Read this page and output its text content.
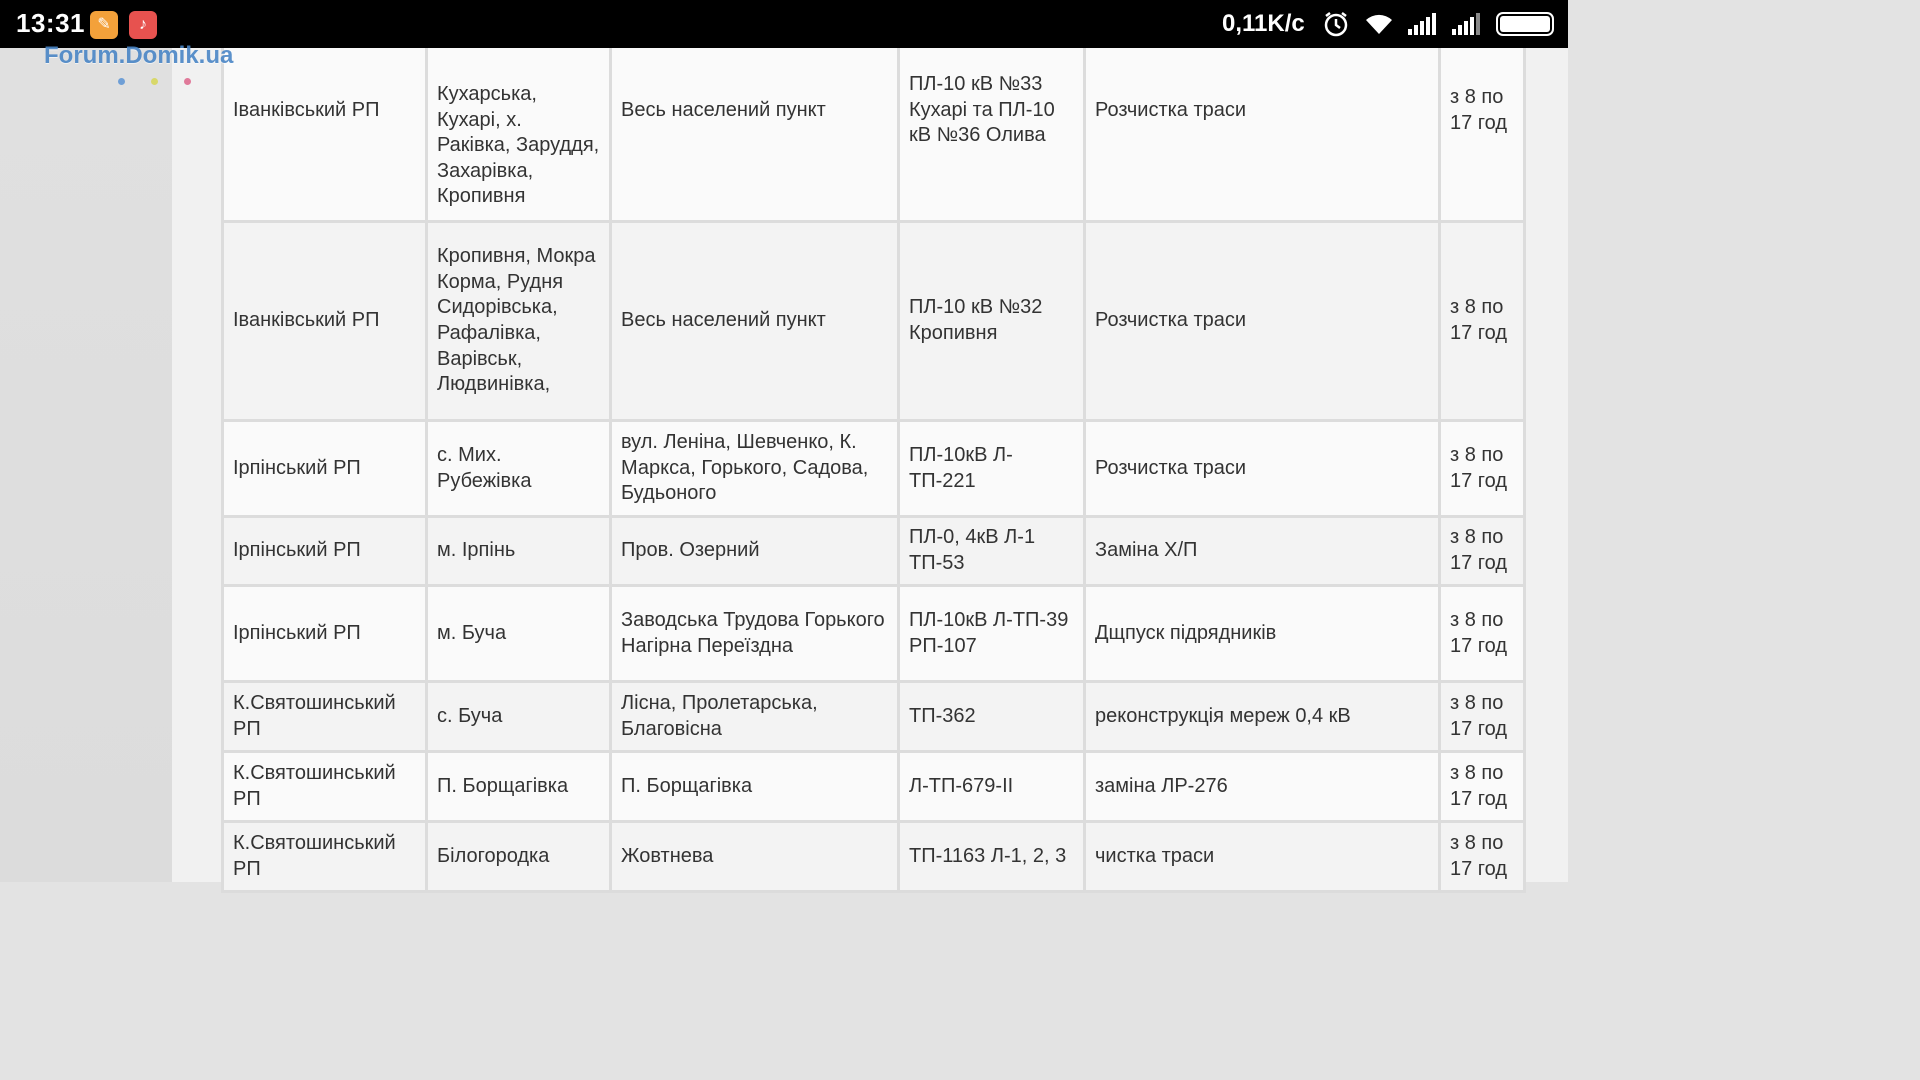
13:31 ✎	♪	0,11K/c
Forum.Domik.ua
Іванківський РП	Кухарська, Кухарі, х. Ракiвка, Заруддя, Захарівка, Кропивня	Весь населений пункт	ПЛ-10 кВ №33 Кухарі та ПЛ-10 кВ №36 Олива	Розчистка траси	з 8 по 17 год
Іванківський РП	Кропивня, Мокра Корма, Рудня Сидорівська, Рафалівка, Варівськ, Людвинівка,	Весь населений пункт	ПЛ-10 кВ №32 Кропивня	Розчистка траси	з 8 по 17 год
Ірпінський РП	с. Мих. Рубежівка	вул. Леніна, Шевченко, К. Маркса, Горького, Садова, Будьоного	ПЛ-10кВ Л-ТП-221	Розчистка траси	з 8 по 17 год
Ірпінський РП	м. Ірпінь	Пров. Озерний	ПЛ-0, 4кВ Л-1 ТП-53	Заміна Х/П	з 8 по 17 год
Ірпінський РП	м. Буча	Заводська Трудова Горького Нагірна Переїздна	ПЛ-10кВ Л-ТП-39 РП-107	Дщпуск підрядників	з 8 по 17 год
К.Святошинський РП	с. Буча	Лісна, Пролетарська, Благовісна	ТП-362	реконструкція мереж 0,4 кВ	з 8 по 17 год
К.Святошинський РП	П. Борщагівка	П. Борщагівка	Л-ТП-679-ІІ	заміна ЛР-276	з 8 по 17 год
К.Святошинський РП	Білогородка	Жовтнева	ТП-1163 Л-1, 2, 3	чистка траси	з 8 по 17 год
